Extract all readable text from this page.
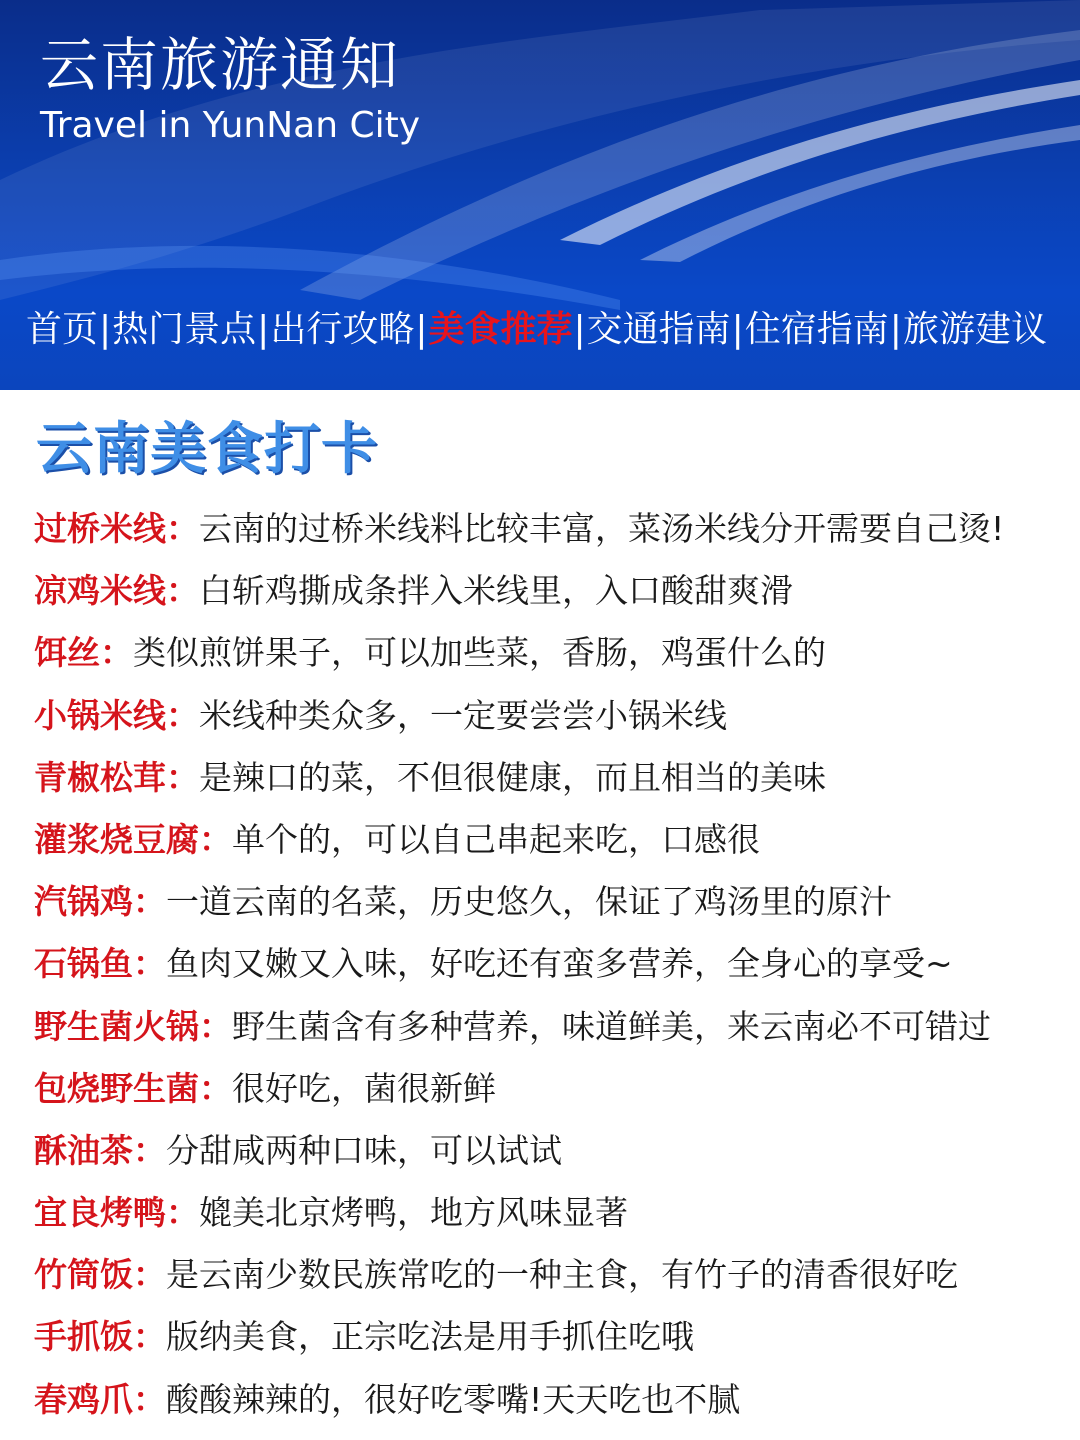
云南旅游通知
Travel in YunNan City
首页|热门景点|出行攻略|美食推荐|交通指南|住宿指南|旅游建议
云南美食打卡
过桥米线：云南的过桥米线料比较丰富，菜汤米线分开需要自己烫!
凉鸡米线：白斩鸡撕成条拌入米线里，入口酸甜爽滑
饵丝：类似煎饼果子，可以加些菜，香肠，鸡蛋什么的
小锅米线：米线种类众多，一定要尝尝小锅米线
青椒松茸：是辣口的菜，不但很健康，而且相当的美味
灌浆烧豆腐：单个的，可以自己串起来吃，口感很
汽锅鸡：一道云南的名菜，历史悠久，保证了鸡汤里的原汁
石锅鱼：鱼肉又嫩又入味，好吃还有蛮多营养，全身心的享受~
野生菌火锅：野生菌含有多种营养，味道鲜美，来云南必不可错过
包烧野生菌：很好吃，菌很新鲜
酥油茶：分甜咸两种口味，可以试试
宜良烤鸭：媲美北京烤鸭，地方风味显著
竹筒饭：是云南少数民族常吃的一种主食，有竹子的清香很好吃
手抓饭：版纳美食，正宗吃法是用手抓住吃哦
春鸡爪：酸酸辣辣的，很好吃零嘴!天天吃也不腻
